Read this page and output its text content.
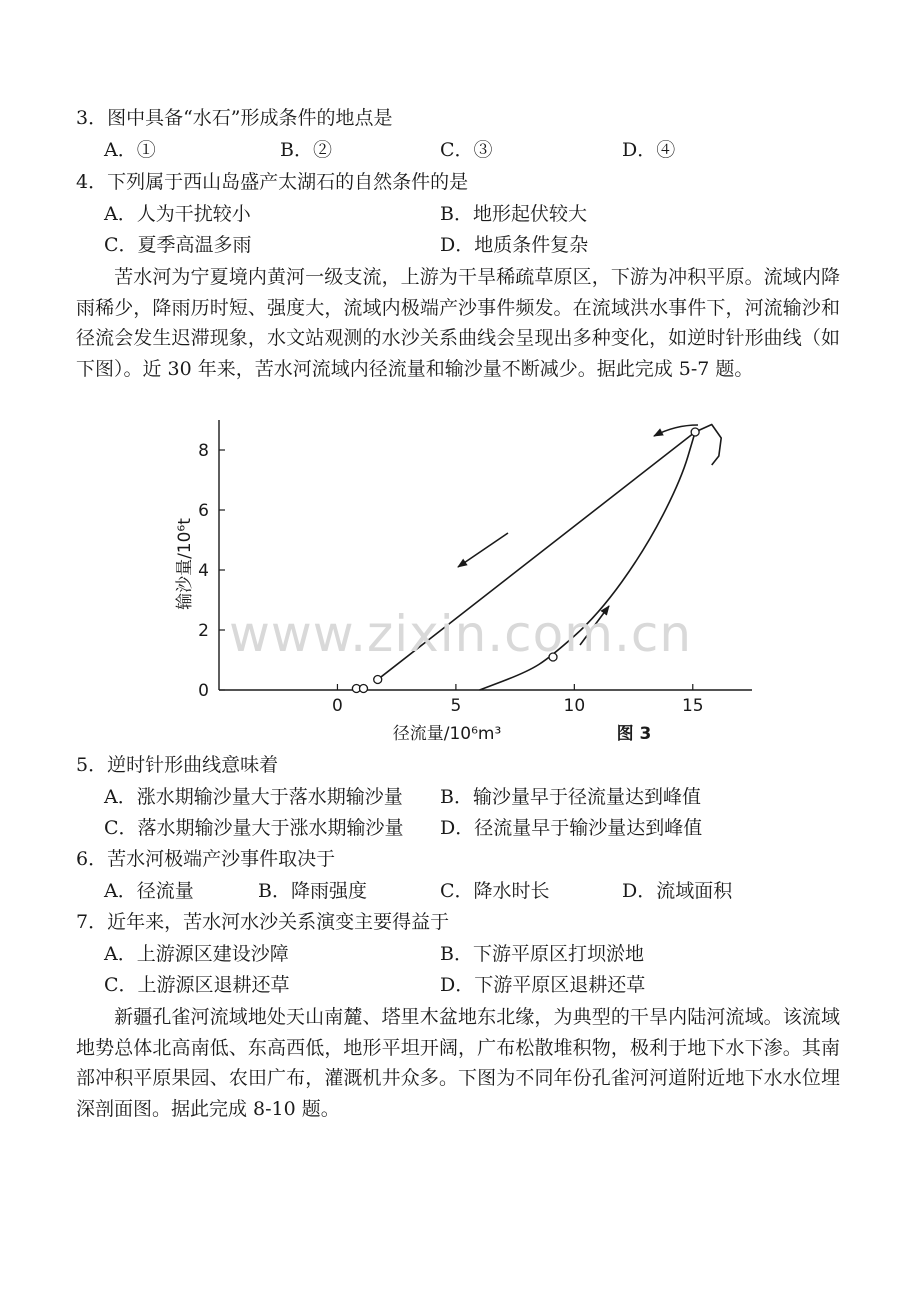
3．图中具备“水石”形成条件的地点是
A．①	B．②	C．③	D．④
4．下列属于西山岛盛产太湖石的自然条件的是
A．人为干扰较小	B．地形起伏较大
C．夏季高温多雨	D．地质条件复杂
苦水河为宁夏境内黄河一级支流，上游为干旱稀疏草原区，下游为冲积平原。流域内降雨稀少，降雨历时短、强度大，流域内极端产沙事件频发。在流域洪水事件下，河流输沙和径流会发生迟滞现象，水文站观测的水沙关系曲线会呈现出多种变化，如逆时针形曲线（如下图）。近 30 年来，苦水河流域内径流量和输沙量不断减少。据此完成 5-7 题。
0	5	10	15
0
2
4
6
8
径流量/10⁶m³	图 3
输沙量/10⁶t
www.zixin.com.cn
5．逆时针形曲线意味着
A．涨水期输沙量大于落水期输沙量 B．输沙量早于径流量达到峰值
C．落水期输沙量大于涨水期输沙量 D．径流量早于输沙量达到峰值
6．苦水河极端产沙事件取决于
A．径流量	B．降雨强度	C．降水时长	D．流域面积
7．近年来，苦水河水沙关系演变主要得益于
A．上游源区建设沙障	B．下游平原区打坝淤地
C．上游源区退耕还草	D．下游平原区退耕还草
新疆孔雀河流域地处天山南麓、塔里木盆地东北缘，为典型的干旱内陆河流域。该流域地势总体北高南低、东高西低，地形平坦开阔，广布松散堆积物，极利于地下水下渗。其南部冲积平原果园、农田广布，灌溉机井众多。下图为不同年份孔雀河河道附近地下水水位埋深剖面图。据此完成 8-10 题。
